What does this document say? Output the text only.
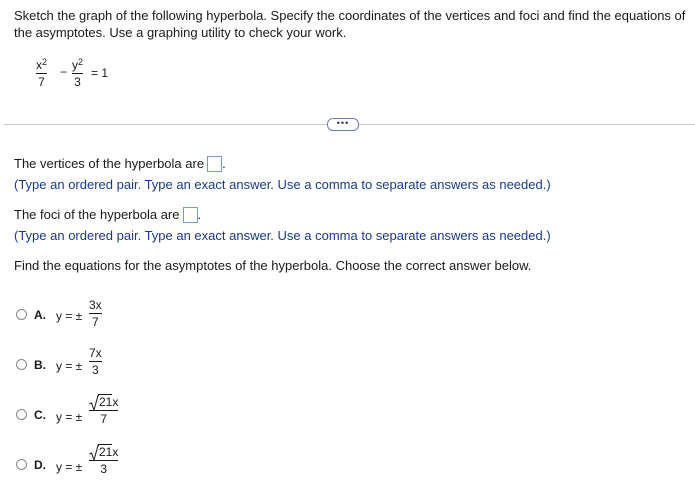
Sketch the graph of the following hyperbola. Specify the coordinates of the vertices and foci and find the equations of
the asymptotes. Use a graphing utility to check your work.
$x^2$
7
− $y^2$
3
= 1
•••
The vertices of the hyperbola are .
(Type an ordered pair. Type an exact answer. Use a comma to separate answers as needed.)
The foci of the hyperbola are .
(Type an ordered pair. Type an exact answer. Use a comma to separate answers as needed.)
Find the equations for the asymptotes of the hyperbola. Choose the correct answer below.
A. y = ±
3x
7
B. y = ±
7x
3
C. y = ±
21x
7
D. y = ±
21x
3
